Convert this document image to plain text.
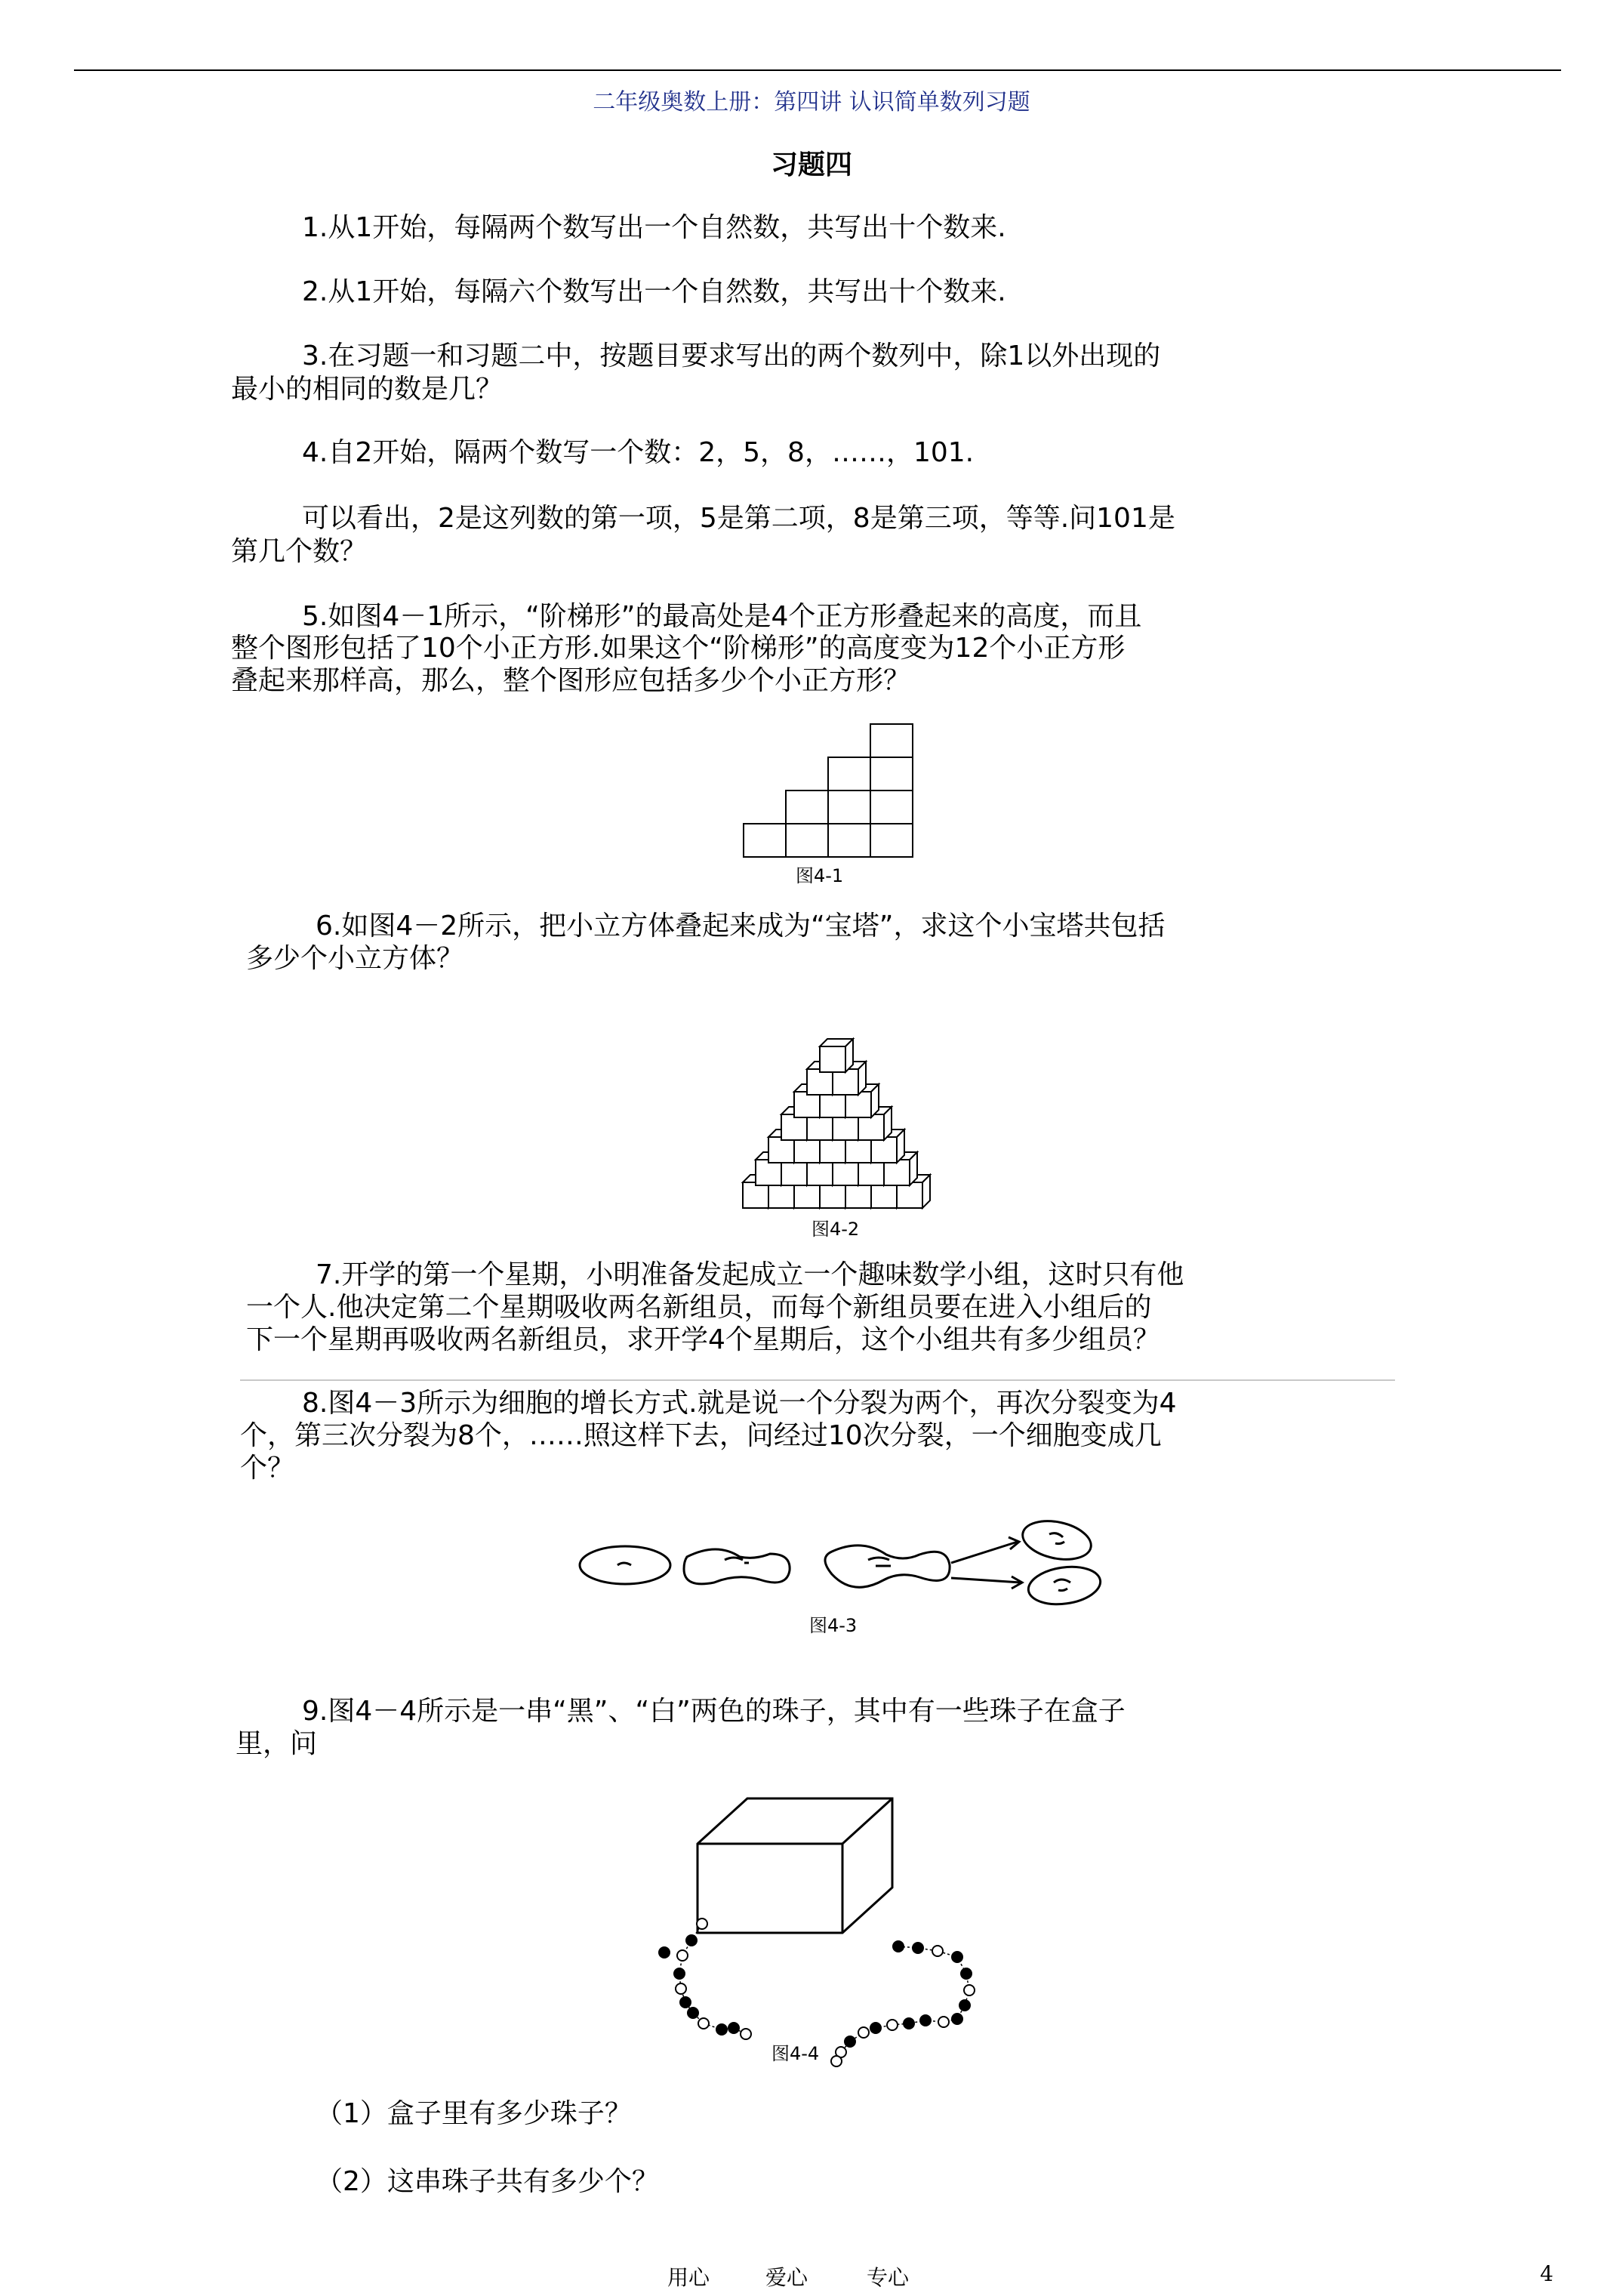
二年级奥数上册：第四讲 认识简单数列习题
习题四
1.从1开始，每隔两个数写出一个自然数，共写出十个数来.
2.从1开始，每隔六个数写出一个自然数，共写出十个数来.
3.在习题一和习题二中，按题目要求写出的两个数列中，除1以外出现的
最小的相同的数是几？
4.自2开始，隔两个数写一个数：2，5，8，……，101.
可以看出，2是这列数的第一项，5是第二项，8是第三项，等等.问101是
第几个数？
5.如图4－1所示，“阶梯形”的最高处是4个正方形叠起来的高度，而且
整个图形包括了10个小正方形.如果这个“阶梯形”的高度变为12个小正方形
叠起来那样高，那么，整个图形应包括多少个小正方形？
图4-1
6.如图4－2所示，把小立方体叠起来成为“宝塔”，求这个小宝塔共包括
多少个小立方体？
图4-2
7.开学的第一个星期，小明准备发起成立一个趣味数学小组，这时只有他
一个人.他决定第二个星期吸收两名新组员，而每个新组员要在进入小组后的
下一个星期再吸收两名新组员，求开学4个星期后，这个小组共有多少组员？
8.图4－3所示为细胞的增长方式.就是说一个分裂为两个，再次分裂变为4
个，第三次分裂为8个，……照这样下去，问经过10次分裂，一个细胞变成几
个？
图4-3
9.图4－4所示是一串“黑”、“白”两色的珠子，其中有一些珠子在盒子
里，问
图4-4
（1）盒子里有多少珠子？
（2）这串珠子共有多少个？
用心	爱心	专心	4
